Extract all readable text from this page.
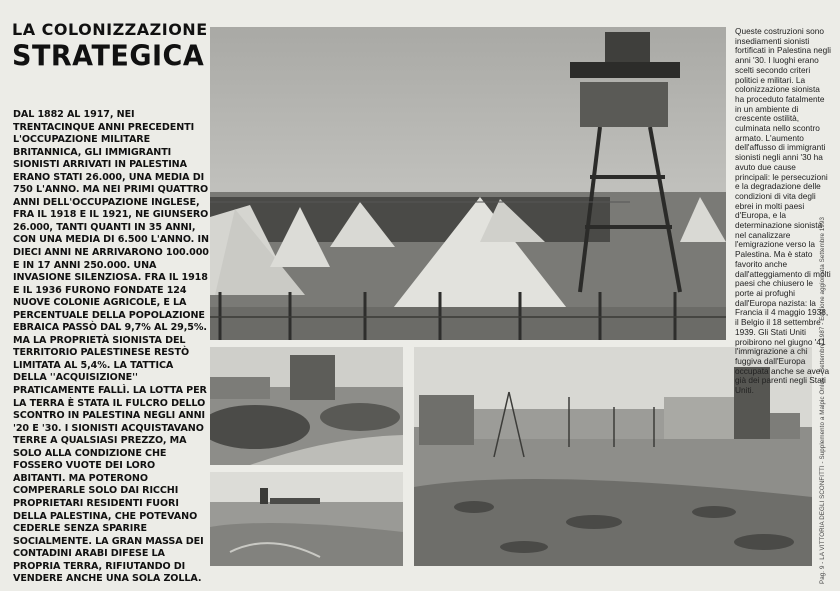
LA COLONIZZAZIONE
STRATEGICA
DAL 1882 AL 1917, NEI TRENTACINQUE ANNI PRECEDENTI L'OCCUPAZIONE MILITARE BRITANNICA, GLI IMMIGRANTI SIONISTI ARRIVATI IN PALESTINA ERANO STATI 26.000, UNA MEDIA DI 750 L'ANNO. MA NEI PRIMI QUATTRO ANNI DELL'OCCUPAZIONE INGLESE, FRA IL 1918 E IL 1921, NE GIUNSERO 26.000, TANTI QUANTI IN 35 ANNI, CON UNA MEDIA DI 6.500 L'ANNO. IN DIECI ANNI NE ARRIVARONO 100.000 E IN 17 ANNI 250.000. UNA INVASIONE SILENZIOSA. FRA IL 1918 E IL 1936 FURONO FONDATE 124 NUOVE COLONIE AGRICOLE, E LA PERCENTUALE DELLA POPOLAZIONE EBRAICA PASSÒ DAL 9,7% AL 29,5%. MA LA PROPRIETÀ SIONISTA DEL TERRITORIO PALESTINESE RESTÒ LIMITATA AL 5,4%. LA TATTICA DELLA ''ACQUISIZIONE'' PRATICAMENTE FALLÌ. LA LOTTA PER LA TERRA È STATA IL FULCRO DELLO SCONTRO IN PALESTINA NEGLI ANNI '20 E '30. I SIONISTI ACQUISTAVANO TERRE A QUALSIASI PREZZO, MA SOLO ALLA CONDIZIONE CHE FOSSERO VUOTE DEI LORO ABITANTI. MA POTERONO COMPERARLE SOLO DAI RICCHI PROPRIETARI RESIDENTI FUORI DELLA PALESTINA, CHE POTEVANO CEDERLE SENZA SPARIRE SOCIALMENTE. LA GRAN MASSA DEI CONTADINI ARABI DIFESE LA PROPRIA TERRA, RIFIUTANDO DI VENDERE ANCHE UNA SOLA ZOLLA.
Queste costruzioni sono insediamenti sionisti fortificati in Palestina negli anni '30. I luoghi erano scelti secondo criteri politici e militari. La colonizzazione sionista ha proceduto fatalmente in un ambiente di crescente ostilità, culminata nello scontro armato. L'aumento dell'affusso di immigranti sionisti negli anni '30 ha avuto due cause principali: le persecuzioni e la degradazione delle condizioni di vita degli ebrei in molti paesi d'Europa, e la determinazione sionista nel canalizzare l'emigrazione verso la Palestina. Ma è stato favorito anche dall'atteggiamento di molti paesi che chiusero le porte ai profughi dall'Europa nazista: la Francia il 4 maggio 1938, il Belgio il 18 settembre 1939. Gli Stati Uniti proibirono nel giugno '41 l'immigrazione a chi fuggiva dall'Europa occupata anche se aveva già dei parenti negli Stati Uniti.	Pag. 9 - LA VITTORIA DEGLI SCONFITTI - Supplemento a Malpic Onlus - Settembre 1987 - Edizione aggiornata Settembre 1993
